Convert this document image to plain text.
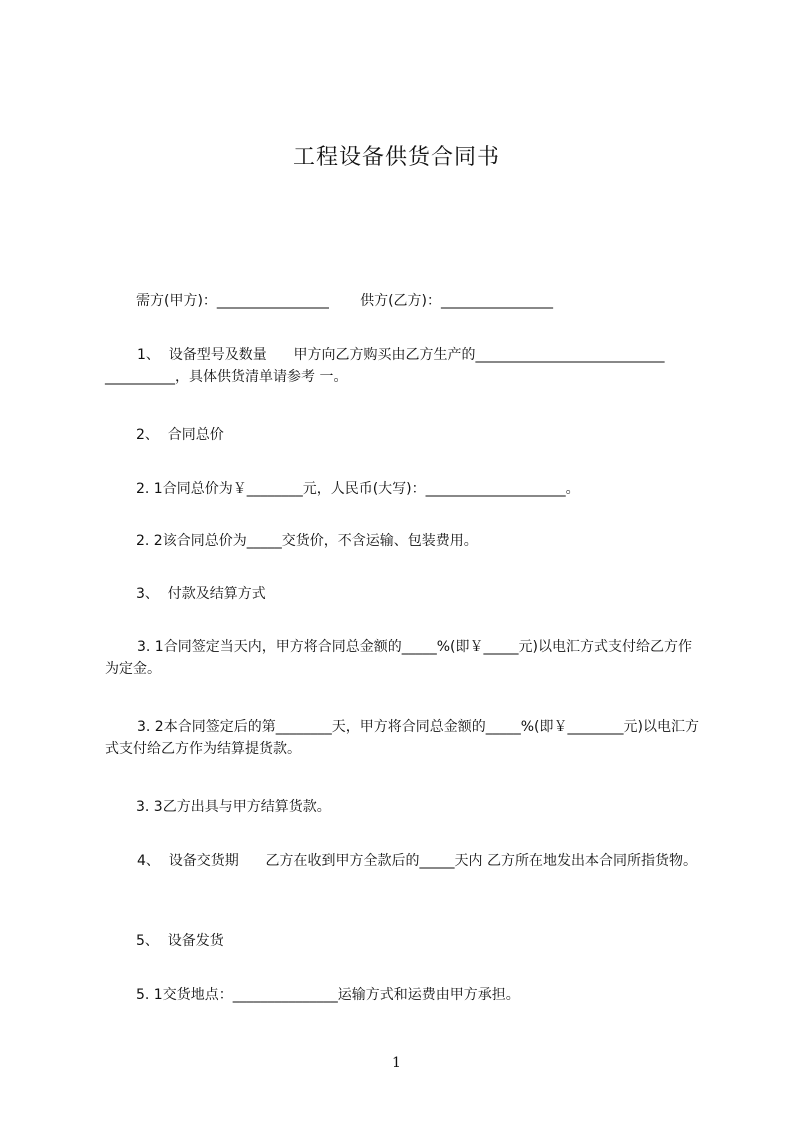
工程设备供货合同书
需方(甲方)：________________       供方(乙方)：________________
1、  设备型号及数量      甲方向乙方购买由乙方生产的___________________________ __________，具体供货清单请参考 一。
2、  合同总价
2. 1合同总价为￥________元，人民币(大写)：____________________。
2. 2该合同总价为_____交货价，不含运输、包装费用。
3、  付款及结算方式
3. 1合同签定当天内，甲方将合同总金额的_____%(即￥_____元)以电汇方式支付给乙方作为定金。
3. 2本合同签定后的第________天，甲方将合同总金额的_____%(即￥________元)以电汇方式支付给乙方作为结算提货款。
3. 3乙方出具与甲方结算货款。
4、  设备交货期      乙方在收到甲方全款后的_____天内 乙方所在地发出本合同所指货物。
5、  设备发货
5. 1交货地点：_______________运输方式和运费由甲方承担。
1
